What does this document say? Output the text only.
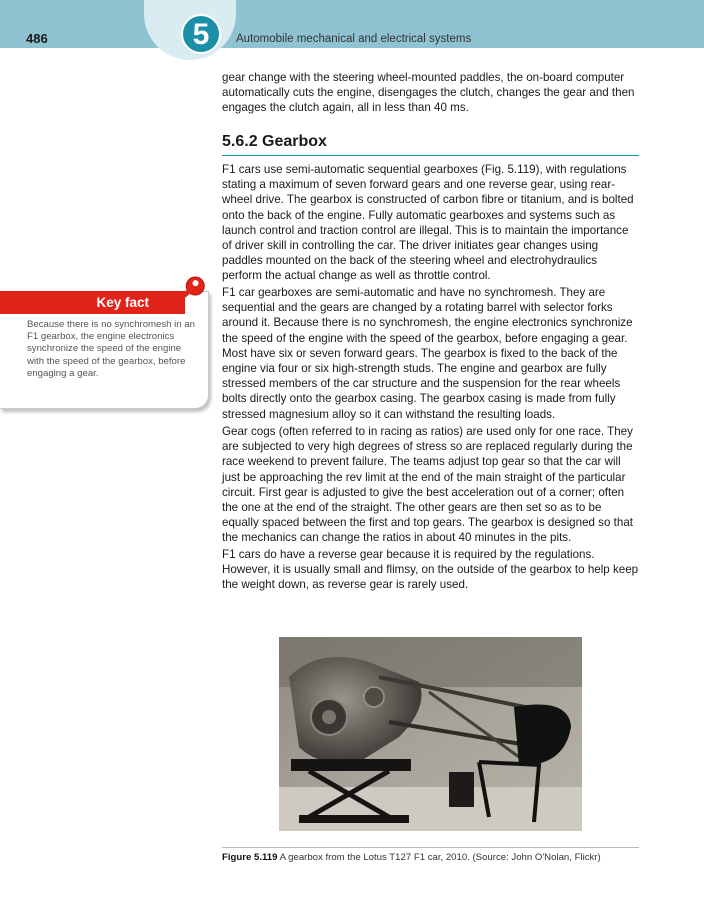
486	5	Automobile mechanical and electrical systems
gear change with the steering wheel-mounted paddles, the on-board computer automatically cuts the engine, disengages the clutch, changes the gear and then engages the clutch again, all in less than 40 ms.
5.6.2 Gearbox
F1 cars use semi-automatic sequential gearboxes (Fig. 5.119), with regulations stating a maximum of seven forward gears and one reverse gear, using rear-wheel drive. The gearbox is constructed of carbon fibre or titanium, and is bolted onto the back of the engine. Fully automatic gearboxes and systems such as launch control and traction control are illegal. This is to maintain the importance of driver skill in controlling the car. The driver initiates gear changes using paddles mounted on the back of the steering wheel and electrohydraulics perform the actual change as well as throttle control.
F1 car gearboxes are semi-automatic and have no synchromesh. They are sequential and the gears are changed by a rotating barrel with selector forks around it. Because there is no synchromesh, the engine electronics synchronize the speed of the engine with the speed of the gearbox, before engaging a gear. Most have six or seven forward gears. The gearbox is fixed to the back of the engine via four or six high-strength studs. The engine and gearbox are fully stressed members of the car structure and the suspension for the rear wheels bolts directly onto the gearbox casing. The gearbox casing is made from fully stressed magnesium alloy so it can withstand the resulting loads.
Gear cogs (often referred to in racing as ratios) are used only for one race. They are subjected to very high degrees of stress so are replaced regularly during the race weekend to prevent failure. The teams adjust top gear so that the car will just be approaching the rev limit at the end of the main straight of the particular circuit. First gear is adjusted to give the best acceleration out of a corner; often the one at the end of the straight. The other gears are then set so as to be equally spaced between the first and top gears. The gearbox is designed so that the mechanics can change the ratios in about 40 minutes in the pits.
F1 cars do have a reverse gear because it is required by the regulations. However, it is usually small and flimsy, on the outside of the gearbox to help keep the weight down, as reverse gear is rarely used.
Key fact
Because there is no synchromesh in an F1 gearbox, the engine electronics synchronize the speed of the engine with the speed of the gearbox, before engaging a gear.
Figure 5.119 A gearbox from the Lotus T127 F1 car, 2010. (Source: John O'Nolan, Flickr)
